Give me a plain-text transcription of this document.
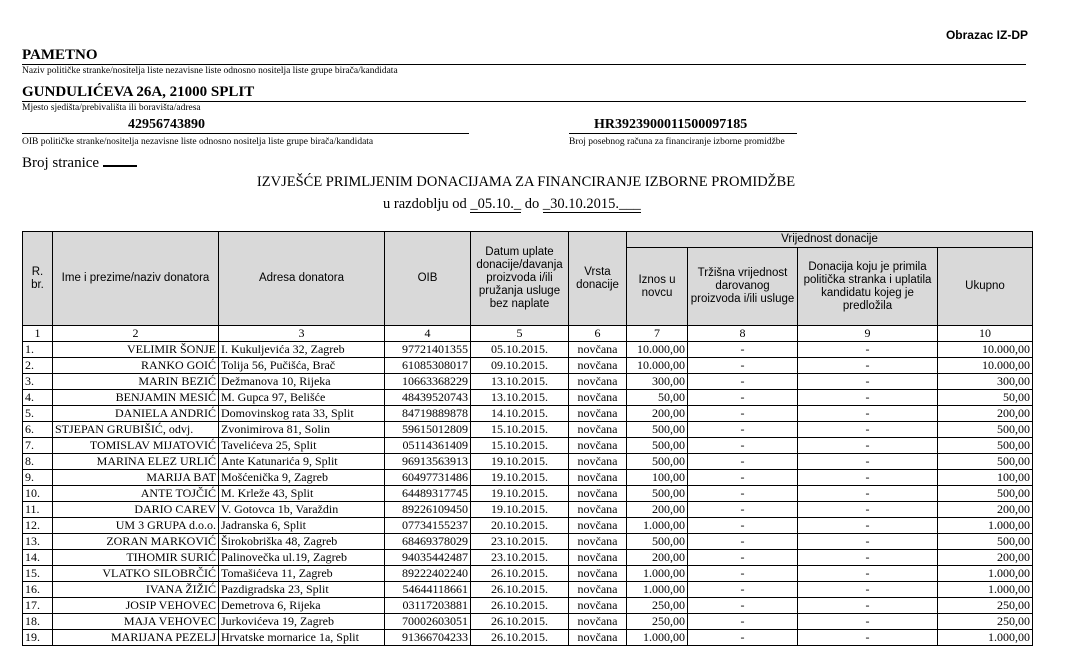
Obrazac IZ-DP
PAMETNO
Naziv političke stranke/nositelja liste nezavisne liste odnosno nositelja liste grupe birača/kandidata
GUNDULIĆEVA 26A, 21000 SPLIT
Mjesto sjedišta/prebivališta ili boravišta/adresa
42956743890
OIB političke stranke/nositelja nezavisne liste odnosno nositelja liste grupe birača/kandidata
HR3923900011500097185
Broj posebnog računa za financiranje izborne promidžbe
Broj stranice
IZVJEŠĆE PRIMLJENIM DONACIJAMA ZA FINANCIRANJE IZBORNE PROMIDŽBE
u razdoblju od _05.10._ do _30.10.2015.___
R. br.	Ime i prezime/naziv donatora	Adresa donatora	OIB	Datum uplate donacije/davanja proizvoda i/ili pružanja usluge bez naplate	Vrsta donacije	Vrijednost donacije			
						Iznos u novcu	Tržišna vrijednost darovanog proizvoda i/ili usluge	Donacija koju je primila politička stranka i uplatila kandidatu kojeg je predložila	Ukupno
1	2	3	4	5	6	7	8	9	10
1.	VELIMIR ŠONJE	I. Kukuljevića 32, Zagreb	97721401355	05.10.2015.	novčana	10.000,00	-	-	10.000,00
2.	RANKO GOIĆ	Tolija 56, Pučišća, Brač	61085308017	09.10.2015.	novčana	10.000,00	-	-	10.000,00
3.	MARIN BEZIĆ	Dežmanova 10, Rijeka	10663368229	13.10.2015.	novčana	300,00	-	-	300,00
4.	BENJAMIN MESIĆ	M. Gupca 97, Belišće	48439520743	13.10.2015.	novčana	50,00	-	-	50,00
5.	DANIELA ANDRIĆ	Domovinskog rata 33, Split	84719889878	14.10.2015.	novčana	200,00	-	-	200,00
6.	STJEPAN GRUBIŠIĆ, odvj.	Zvonimirova 81, Solin	59615012809	15.10.2015.	novčana	500,00	-	-	500,00
7.	TOMISLAV MIJATOVIĆ	Tavelićeva 25, Split	05114361409	15.10.2015.	novčana	500,00	-	-	500,00
8.	MARINA ELEZ URLIĆ	Ante Katunarića 9, Split	96913563913	19.10.2015.	novčana	500,00	-	-	500,00
9.	MARIJA BAT	Mošćenička 9, Zagreb	60497731486	19.10.2015.	novčana	100,00	-	-	100,00
10.	ANTE TOJČIĆ	M. Krleže 43, Split	64489317745	19.10.2015.	novčana	500,00	-	-	500,00
11.	DARIO CAREV	V. Gotovca 1b, Varaždin	89226109450	19.10.2015.	novčana	200,00	-	-	200,00
12.	UM 3 GRUPA d.o.o.	Jadranska 6, Split	07734155237	20.10.2015.	novčana	1.000,00	-	-	1.000,00
13.	ZORAN MARKOVIĆ	Širokobriška 48, Zagreb	68469378029	23.10.2015.	novčana	500,00	-	-	500,00
14.	TIHOMIR SURIĆ	Palinovečka ul.19, Zagreb	94035442487	23.10.2015.	novčana	200,00	-	-	200,00
15.	VLATKO SILOBRČIĆ	Tomašićeva 11, Zagreb	89222402240	26.10.2015.	novčana	1.000,00	-	-	1.000,00
16.	IVANA ŽIŽIĆ	Pazdigradska 23, Split	54644118661	26.10.2015.	novčana	1.000,00	-	-	1.000,00
17.	JOSIP VEHOVEC	Demetrova 6, Rijeka	03117203881	26.10.2015.	novčana	250,00	-	-	250,00
18.	MAJA VEHOVEC	Jurkovićeva 19, Zagreb	70002603051	26.10.2015.	novčana	250,00	-	-	250,00
19.	MARIJANA PEZELJ	Hrvatske mornarice 1a, Split	91366704233	26.10.2015.	novčana	1.000,00	-	-	1.000,00
